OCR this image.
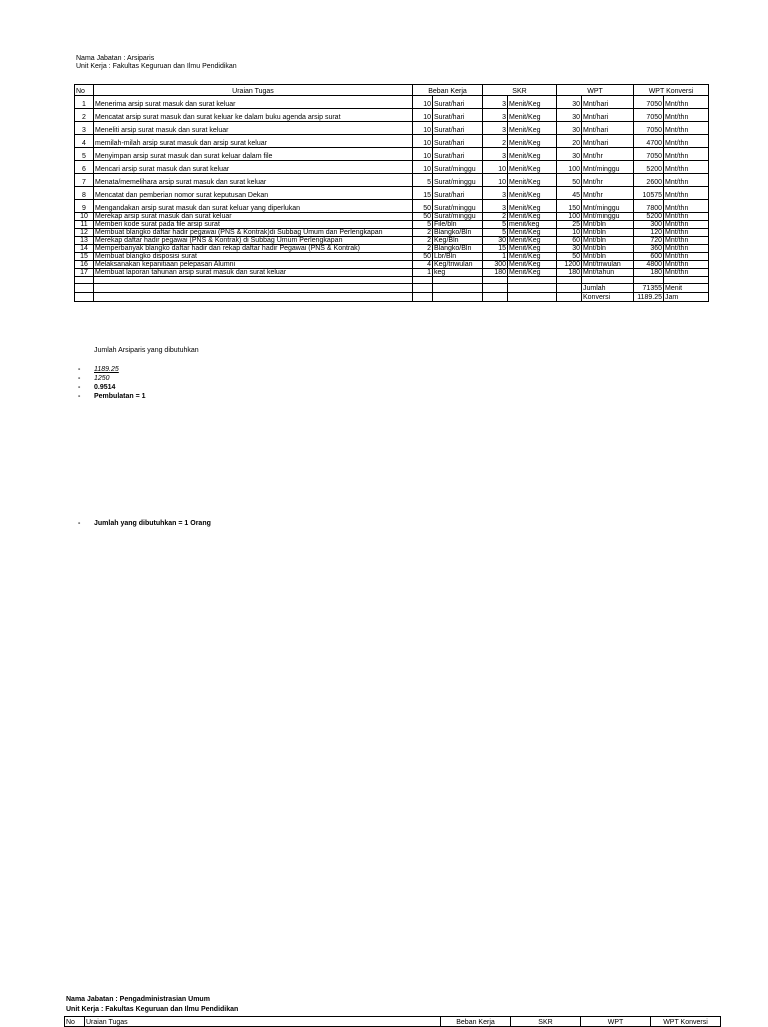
Nama Jabatan : Arsiparis
Unit Kerja : Fakultas Keguruan dan Ilmu Pendidikan
No	Uraian Tugas	Beban Kerja		SKR		WPT		WPT Konversi	
1	Menerima arsip surat masuk dan surat keluar	10	Surat/hari	3	Menit/Keg	30	Mnt/hari	7050	Mnt/thn
2	Mencatat arsip surat masuk dan surat keluar ke dalam buku agenda arsip surat	10	Surat/hari	3	Menit/Keg	30	Mnt/hari	7050	Mnt/thn
3	Meneliti arsip surat masuk dan surat keluar	10	Surat/hari	3	Menit/Keg	30	Mnt/hari	7050	Mnt/thn
4	memilah-milah arsip surat masuk dan arsip surat keluar	10	Surat/hari	2	Menit/Keg	20	Mnt/hari	4700	Mnt/thn
5	Menyimpan arsip surat masuk dan surat keluar dalam file	10	Surat/hari	3	Menit/Keg	30	Mnt/hr	7050	Mnt/thn
6	Mencari arsip surat masuk dan surat keluar	10	Surat/minggu	10	Menit/Keg	100	Mnt/minggu	5200	Mnt/thn
7	Menata/memelihara arsip surat masuk dan surat keluar	5	Surat/minggu	10	Menit/Keg	50	Mnt/hr	2600	Mnt/thn
8	Mencatat dan pemberian nomor surat keputusan Dekan	15	Surat/hari	3	Menit/Keg	45	Mnt/hr	10575	Mnt/thn
9	Mengandakan arsip surat masuk dan surat keluar yang diperlukan	50	Surat/minggu	3	Menit/Keg	150	Mnt/minggu	7800	Mnt/thn
10	Merekap arsip surat masuk dan surat keluar	50	Surat/minggu	2	Menit/Keg	100	Mnt/minggu	5200	Mnt/thn
11	Memberi kode surat pada file arsip surat	5	File/bln	5	menit/keg	25	Mnt/bln	300	Mnt/thn
12	Membuat blangko daftar hadir pegawai (PNS & Kontrak)di Subbag Umum dan Perlengkapan	2	Blangko/Bln	5	Menit/Keg	10	Mnt/bln	120	Mnt/thn
13	Merekap daftar hadir pegawai (PNS & Kontrak) di Subbag Umum Perlengkapan	2	Keg/Bln	30	Menit/Keg	60	Mnt/bln	720	Mnt/thn
14	Memperbanyak blangko daftar hadir dan rekap daftar hadir Pegawai (PNS & Kontrak)	2	Blangko/Bln	15	Menit/Keg	30	Mnt/bln	360	Mnt/thn
15	Membuat blangko disposisi surat	50	Lbr/Bln	1	Menit/Keg	50	Mnt/bln	600	Mnt/thn
16	Melaksanakan kepanitiaan pelepasan Alumni	4	Keg/triwulan	300	Menit/Keg	1200	Mnt/triwulan	4800	Mnt/thn
17	Membuat laporan tahunan arsip surat masuk dan surat keluar	1	keg	180	Menit/Keg	180	Mnt/tahun	180	Mnt/thn

							Jumlah	71355	Menit
							Konversi	1189.25	Jam
Jumlah Arsiparis yang dibutuhkan
- 1189.25
- 1250
- 0.9514
- Pembulatan = 1
- Jumlah yang dibutuhkan = 1 Orang
Nama Jabatan : Pengadministrasian Umum
Unit Kerja : Fakultas Keguruan dan Ilmu Pendidikan
No	Uraian Tugas	Beban Kerja	SKR	WPT	WPT Konversi
